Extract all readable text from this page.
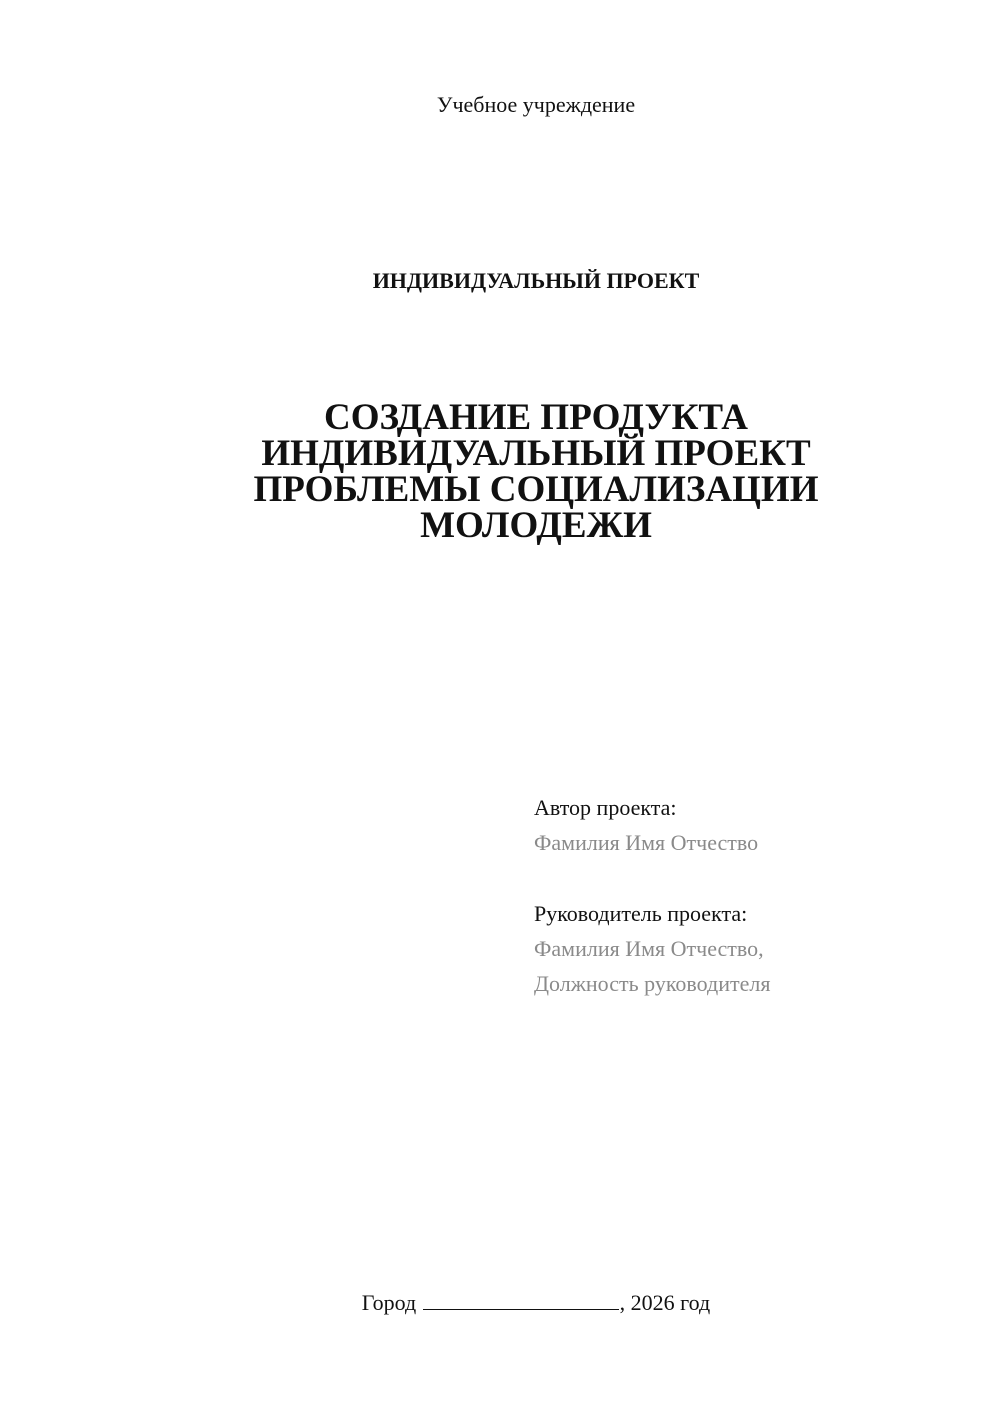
Учебное учреждение
ИНДИВИДУАЛЬНЫЙ ПРОЕКТ
СОЗДАНИЕ ПРОДУКТА
ИНДИВИДУАЛЬНЫЙ ПРОЕКТ
ПРОБЛЕМЫ СОЦИАЛИЗАЦИИ
МОЛОДЕЖИ
Автор проекта:
Фамилия Имя Отчество
Руководитель проекта:
Фамилия Имя Отчество,
Должность руководителя
Город	, 2026 год
